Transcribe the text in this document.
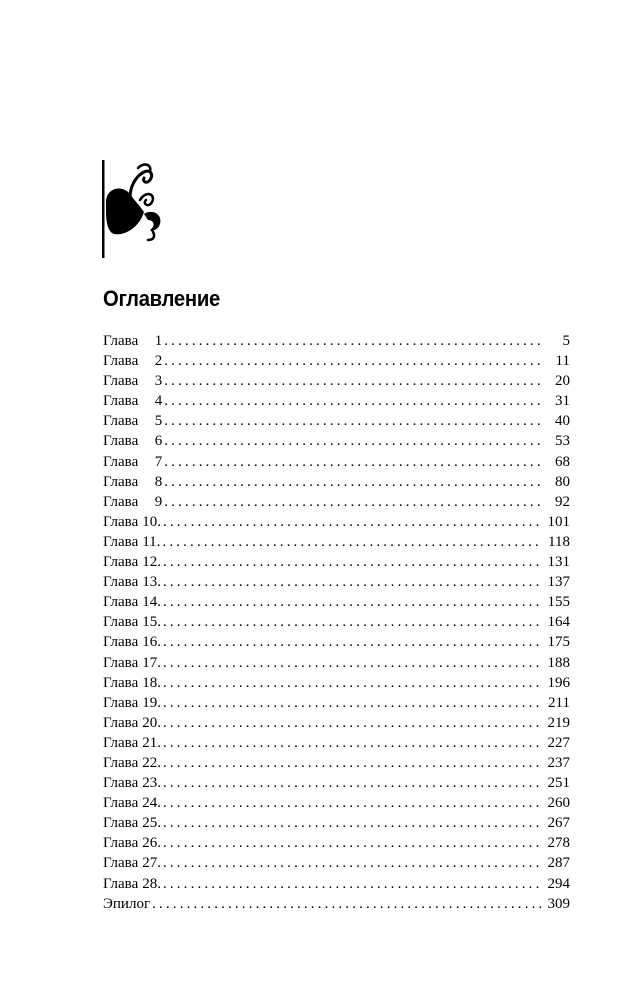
Оглавление
Глава 1 . . .	5
Глава 2 . . .	11
Глава 3 . . .	20
Глава 4 . . .	31
Глава 5 . . .	40
Глава 6 . . .	53
Глава 7 . . .	68
Глава 8 . . .	80
Глава 9 . . .	92
Глава 10. . . .	101
Глава 11. . . .	118
Глава 12. . . .	131
Глава 13. . . .	137
Глава 14. . . .	155
Глава 15. . . .	164
Глава 16. . . .	175
Глава 17. . . .	188
Глава 18. . . .	196
Глава 19. . . .	211
Глава 20. . . .	219
Глава 21. . . .	227
Глава 22. . . .	237
Глава 23. . . .	251
Глава 24. . . .	260
Глава 25. . . .	267
Глава 26. . . .	278
Глава 27. . . .	287
Глава 28. . . .	294
Эпилог . . .	309
